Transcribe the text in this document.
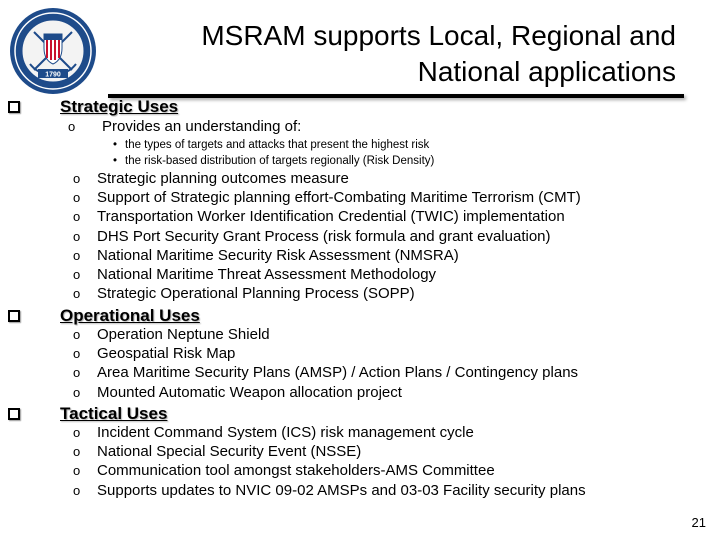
1790
MSRAM supports Local, Regional and National applications
Strategic Uses
o Provides an understanding of:
• the types of targets and attacks that present the highest risk
• the risk-based distribution of targets regionally (Risk Density)
o Strategic planning outcomes measure
o Support of Strategic planning effort-Combating Maritime Terrorism (CMT)
o Transportation Worker Identification Credential (TWIC) implementation
o DHS Port Security Grant Process (risk formula and grant evaluation)
o National Maritime Security Risk Assessment (NMSRA)
o National Maritime Threat Assessment Methodology
o Strategic Operational Planning Process (SOPP)
Operational Uses
o Operation Neptune Shield
o Geospatial Risk Map
o Area Maritime Security Plans (AMSP) / Action Plans / Contingency plans
o Mounted Automatic Weapon allocation project
Tactical Uses
o Incident Command System (ICS) risk management cycle
o National Special Security Event (NSSE)
o Communication tool amongst stakeholders-AMS Committee
o Supports updates to NVIC 09-02 AMSPs and 03-03 Facility security plans
21
